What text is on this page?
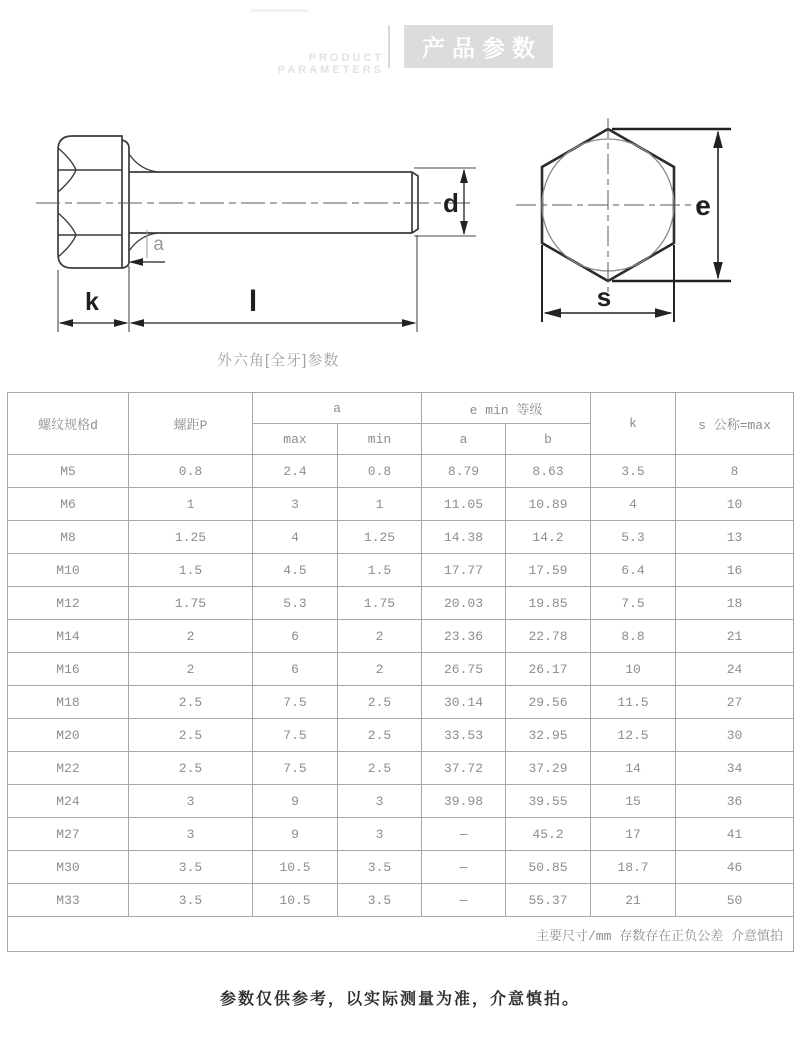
PRODUCT PARAMETERS
产品参数
a
k	l
d	e
s
外六角[全牙]参数
螺纹规格d	螺距P	a		e min 等级		k	s 公称=max
		max	min	a	b		
M5	0.8	2.4	0.8	8.79	8.63	3.5	8
M6	1	3	1	11.05	10.89	4	10
M8	1.25	4	1.25	14.38	14.2	5.3	13
M10	1.5	4.5	1.5	17.77	17.59	6.4	16
M12	1.75	5.3	1.75	20.03	19.85	7.5	18
M14	2	6	2	23.36	22.78	8.8	21
M16	2	6	2	26.75	26.17	10	24
M18	2.5	7.5	2.5	30.14	29.56	11.5	27
M20	2.5	7.5	2.5	33.53	32.95	12.5	30
M22	2.5	7.5	2.5	37.72	37.29	14	34
M24	3	9	3	39.98	39.55	15	36
M27	3	9	3	—	45.2	17	41
M30	3.5	10.5	3.5	—	50.85	18.7	46
M33	3.5	10.5	3.5	—	55.37	21	50
主要尺寸/mm 存数存在正负公差 介意慎拍							
参数仅供参考，以实际测量为准，介意慎拍。
